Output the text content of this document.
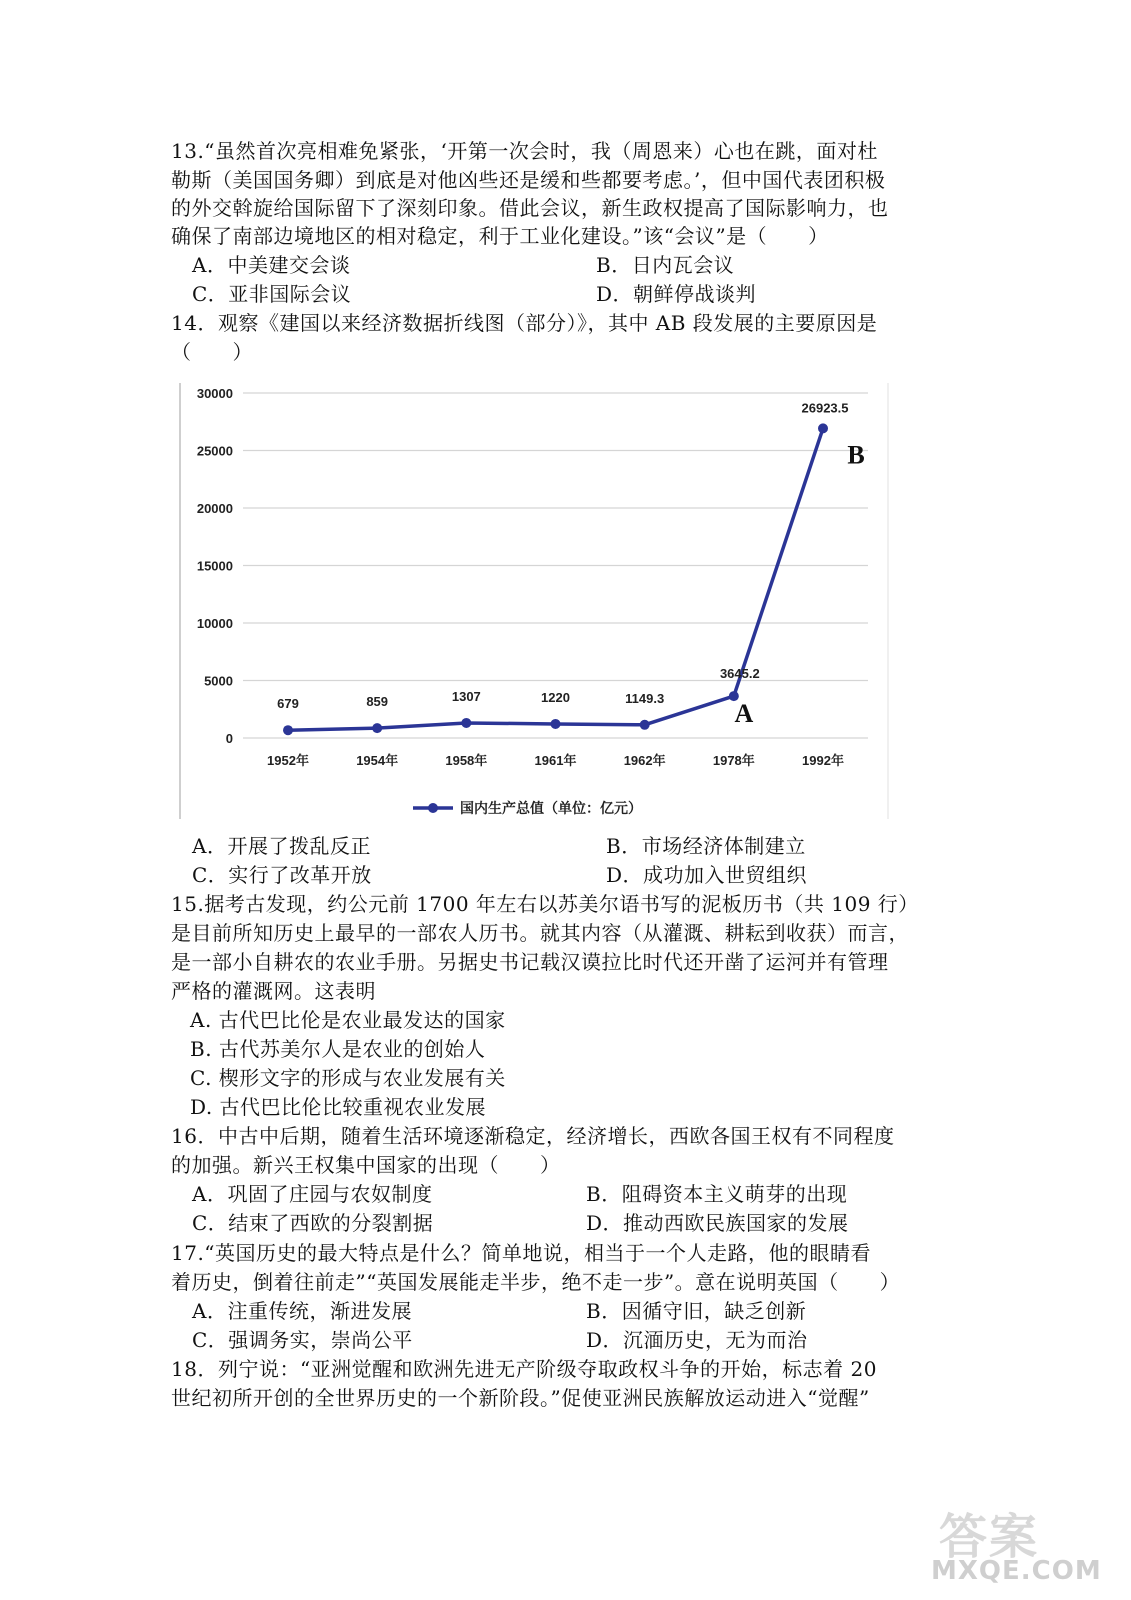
13.“虽然首次亮相难免紧张，‘开第一次会时，我（周恩来）心也在跳，面对杜
勒斯（美国国务卿）到底是对他凶些还是缓和些都要考虑。’，但中国代表团积极
的外交斡旋给国际留下了深刻印象。借此会议，新生政权提高了国际影响力，也
确保了南部边境地区的相对稳定，利于工业化建设。”该“会议”是（　　）
A．中美建交会谈	B．日内瓦会议
C．亚非国际会议	D．朝鲜停战谈判
14．观察《建国以来经济数据折线图（部分）》，其中 AB 段发展的主要原因是
（　　）
0
5000
10000
15000
20000
25000
30000
1952年	1954年	1958年	1961年	1962年	1978年	1992年
679	859	1307	1220	1149.3
3645.2
26923.5
A
B
国内生产总值（单位：亿元）
A．开展了拨乱反正	B．市场经济体制建立
C．实行了改革开放	D．成功加入世贸组织
15.据考古发现，约公元前 1700 年左右以苏美尔语书写的泥板历书（共 109 行）
是目前所知历史上最早的一部农人历书。就其内容（从灌溉、耕耘到收获）而言，
是一部小自耕农的农业手册。另据史书记载汉谟拉比时代还开凿了运河并有管理
严格的灌溉网。这表明
A. 古代巴比伦是农业最发达的国家
B. 古代苏美尔人是农业的创始人
C. 楔形文字的形成与农业发展有关
D. 古代巴比伦比较重视农业发展
16．中古中后期，随着生活环境逐渐稳定，经济增长，西欧各国王权有不同程度
的加强。新兴王权集中国家的出现（　　）
A．巩固了庄园与农奴制度	B．阻碍资本主义萌芽的出现
C．结束了西欧的分裂割据	D．推动西欧民族国家的发展
17.“英国历史的最大特点是什么？简单地说，相当于一个人走路，他的眼睛看
着历史，倒着往前走”“英国发展能走半步，绝不走一步”。意在说明英国（　　）
A．注重传统，渐进发展	B．因循守旧，缺乏创新
C．强调务实，崇尚公平	D．沉湎历史，无为而治
18．列宁说：“亚洲觉醒和欧洲先进无产阶级夺取政权斗争的开始，标志着 20
世纪初所开创的全世界历史的一个新阶段。”促使亚洲民族解放运动进入“觉醒”
答案
MXQE.COM
